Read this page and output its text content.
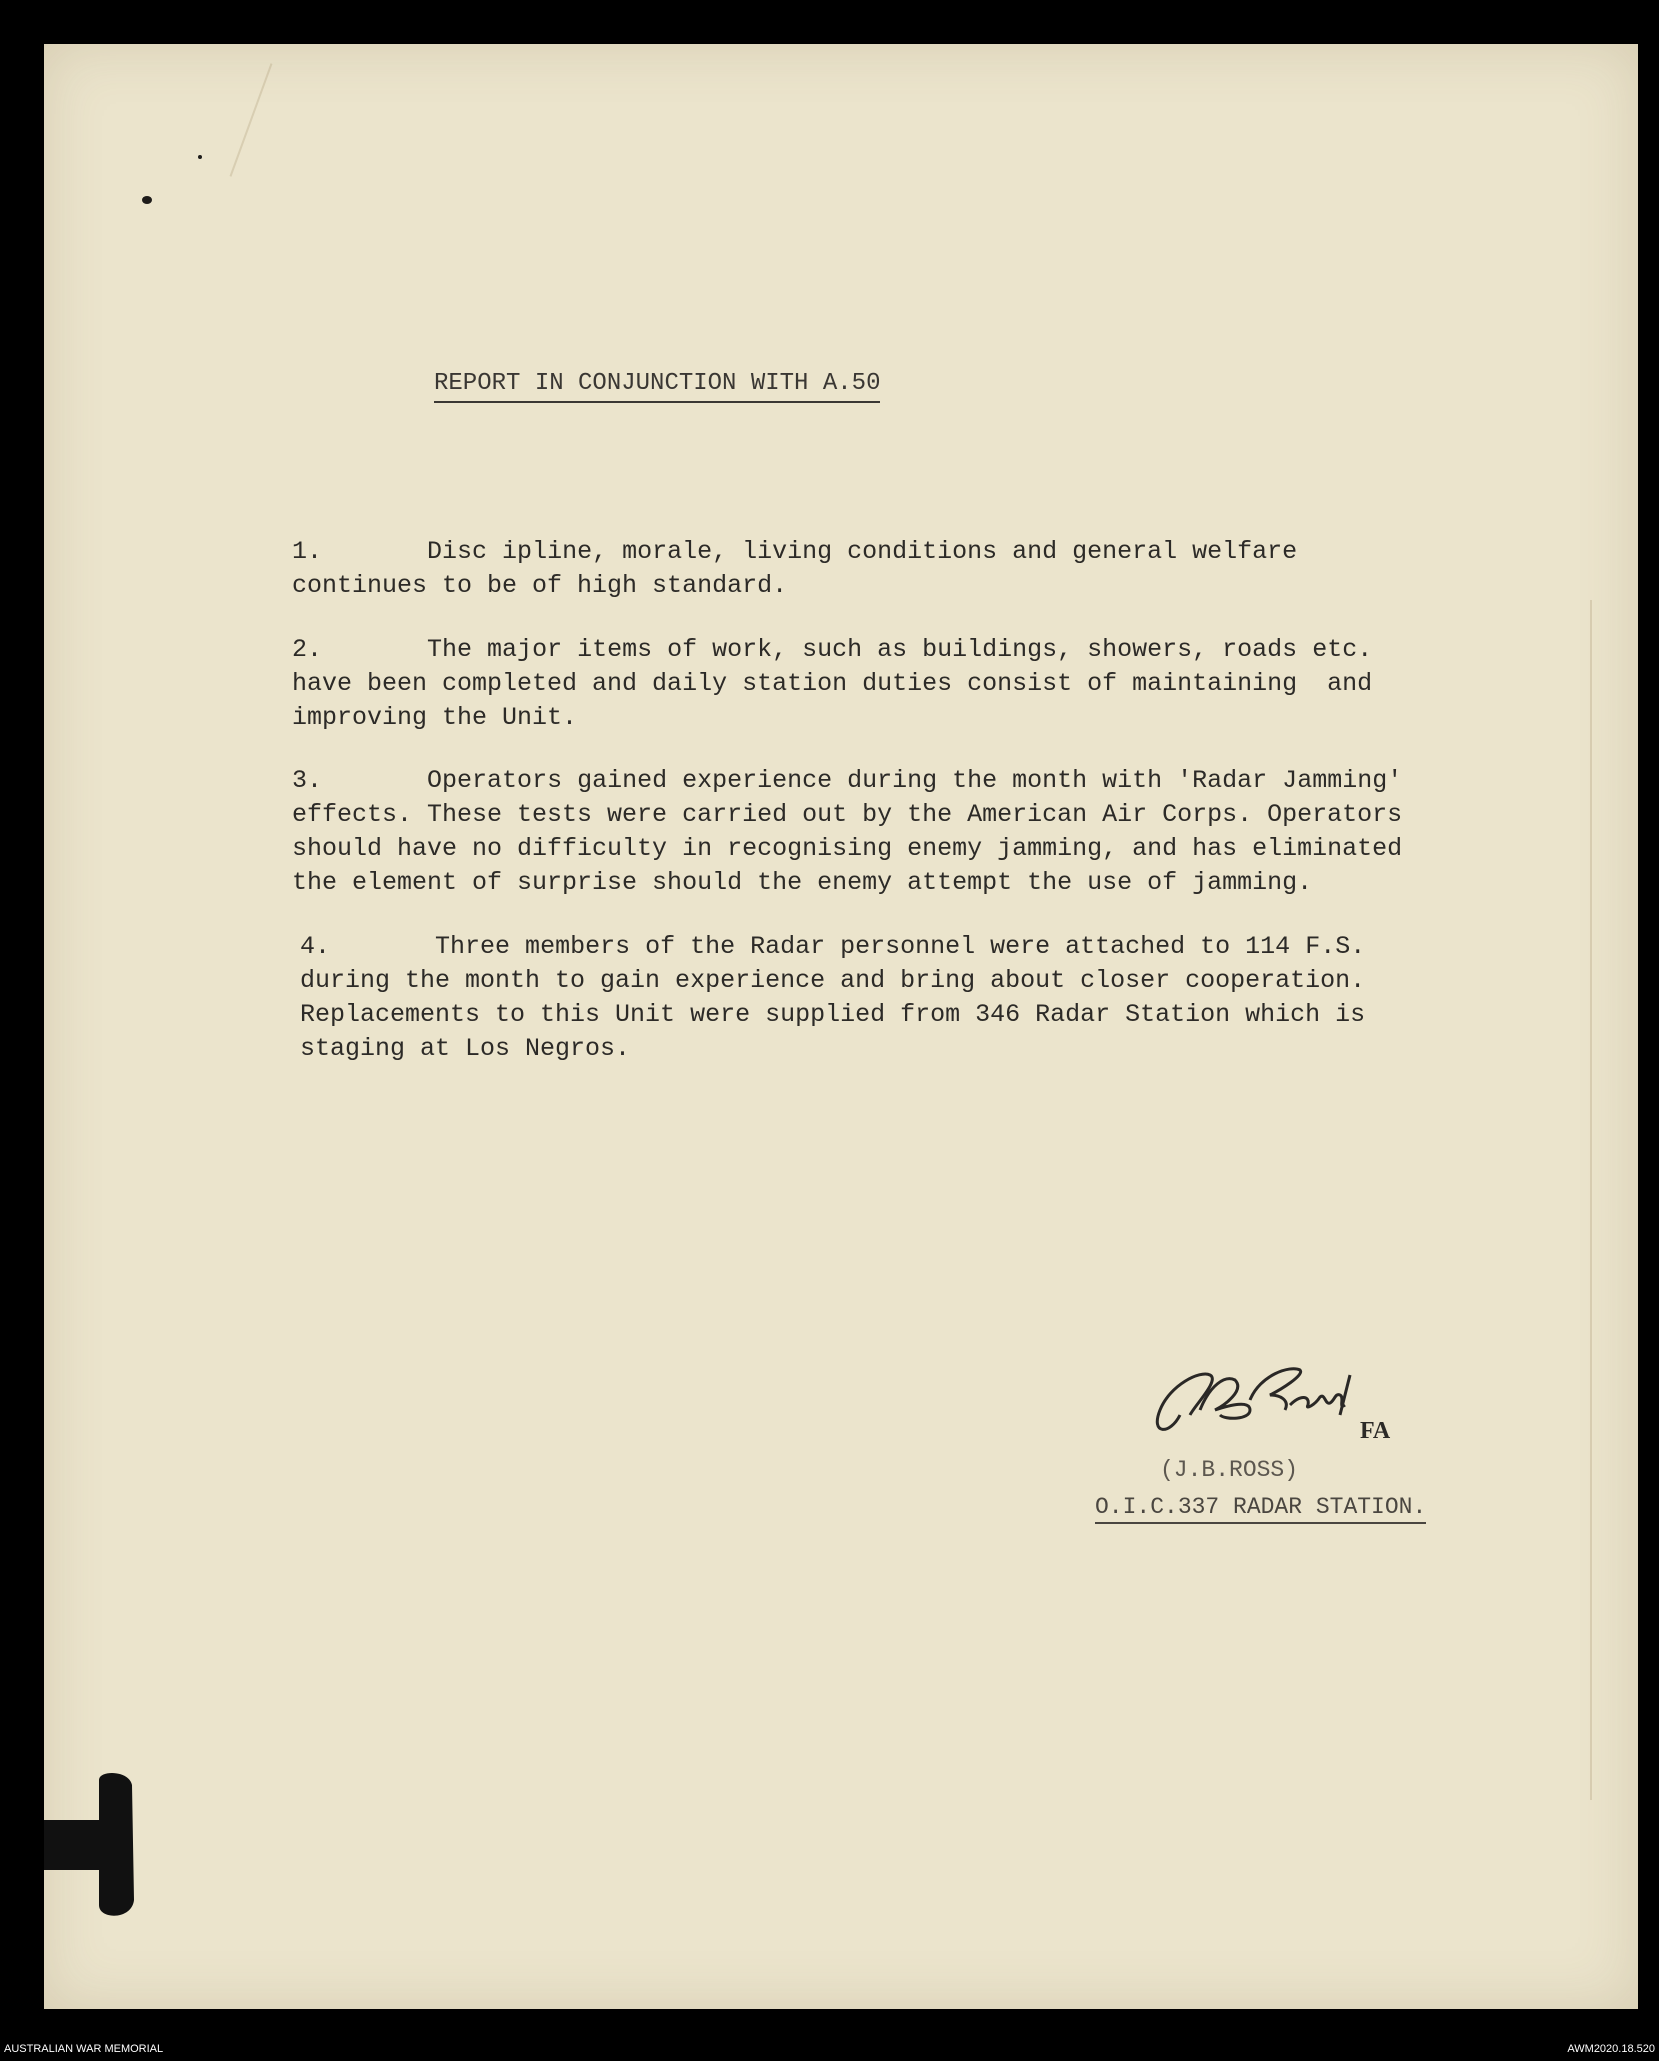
REPORT IN CONJUNCTION WITH A.50
1.	Disc ipline, morale, living conditions and general welfare
continues to be of high standard.
2.	The major items of work, such as buildings, showers, roads etc.
have been completed and daily station duties consist of maintaining  and
improving the Unit.
3.	Operators gained experience during the month with 'Radar Jamming'
effects. These tests were carried out by the American Air Corps. Operators
should have no difficulty in recognising enemy jamming, and has eliminated
the element of surprise should the enemy attempt the use of jamming.
4.	Three members of the Radar personnel were attached to 114 F.S.
during the month to gain experience and bring about closer cooperation.
Replacements to this Unit were supplied from 346 Radar Station which is
staging at Los Negros.
FA
(J.B.ROSS)
O.I.C.337 RADAR STATION.
AUSTRALIAN WAR MEMORIAL	AWM2020.18.520
